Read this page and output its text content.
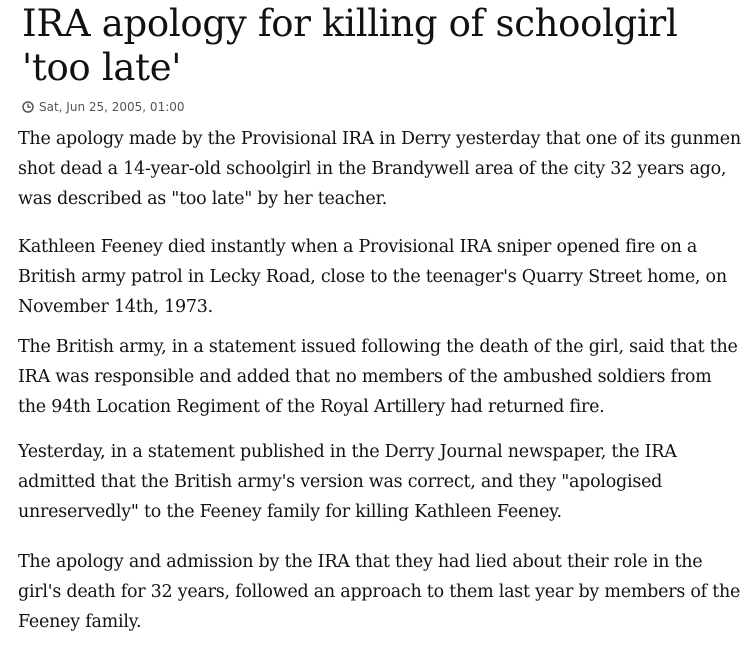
IRA apology for killing of schoolgirl 'too late'
Sat, Jun 25, 2005, 01:00

The apology made by the Provisional IRA in Derry yesterday that one of its gunmen shot dead a 14-year-old schoolgirl in the Brandywell area of the city 32 years ago, was described as "too late" by her teacher.

Kathleen Feeney died instantly when a Provisional IRA sniper opened fire on a British army patrol in Lecky Road, close to the teenager's Quarry Street home, on November 14th, 1973.

The British army, in a statement issued following the death of the girl, said that the IRA was responsible and added that no members of the ambushed soldiers from the 94th Location Regiment of the Royal Artillery had returned fire.

Yesterday, in a statement published in the Derry Journal newspaper, the IRA admitted that the British army's version was correct, and they "apologised unreservedly" to the Feeney family for killing Kathleen Feeney.

The apology and admission by the IRA that they had lied about their role in the girl's death for 32 years, followed an approach to them last year by members of the Feeney family.
